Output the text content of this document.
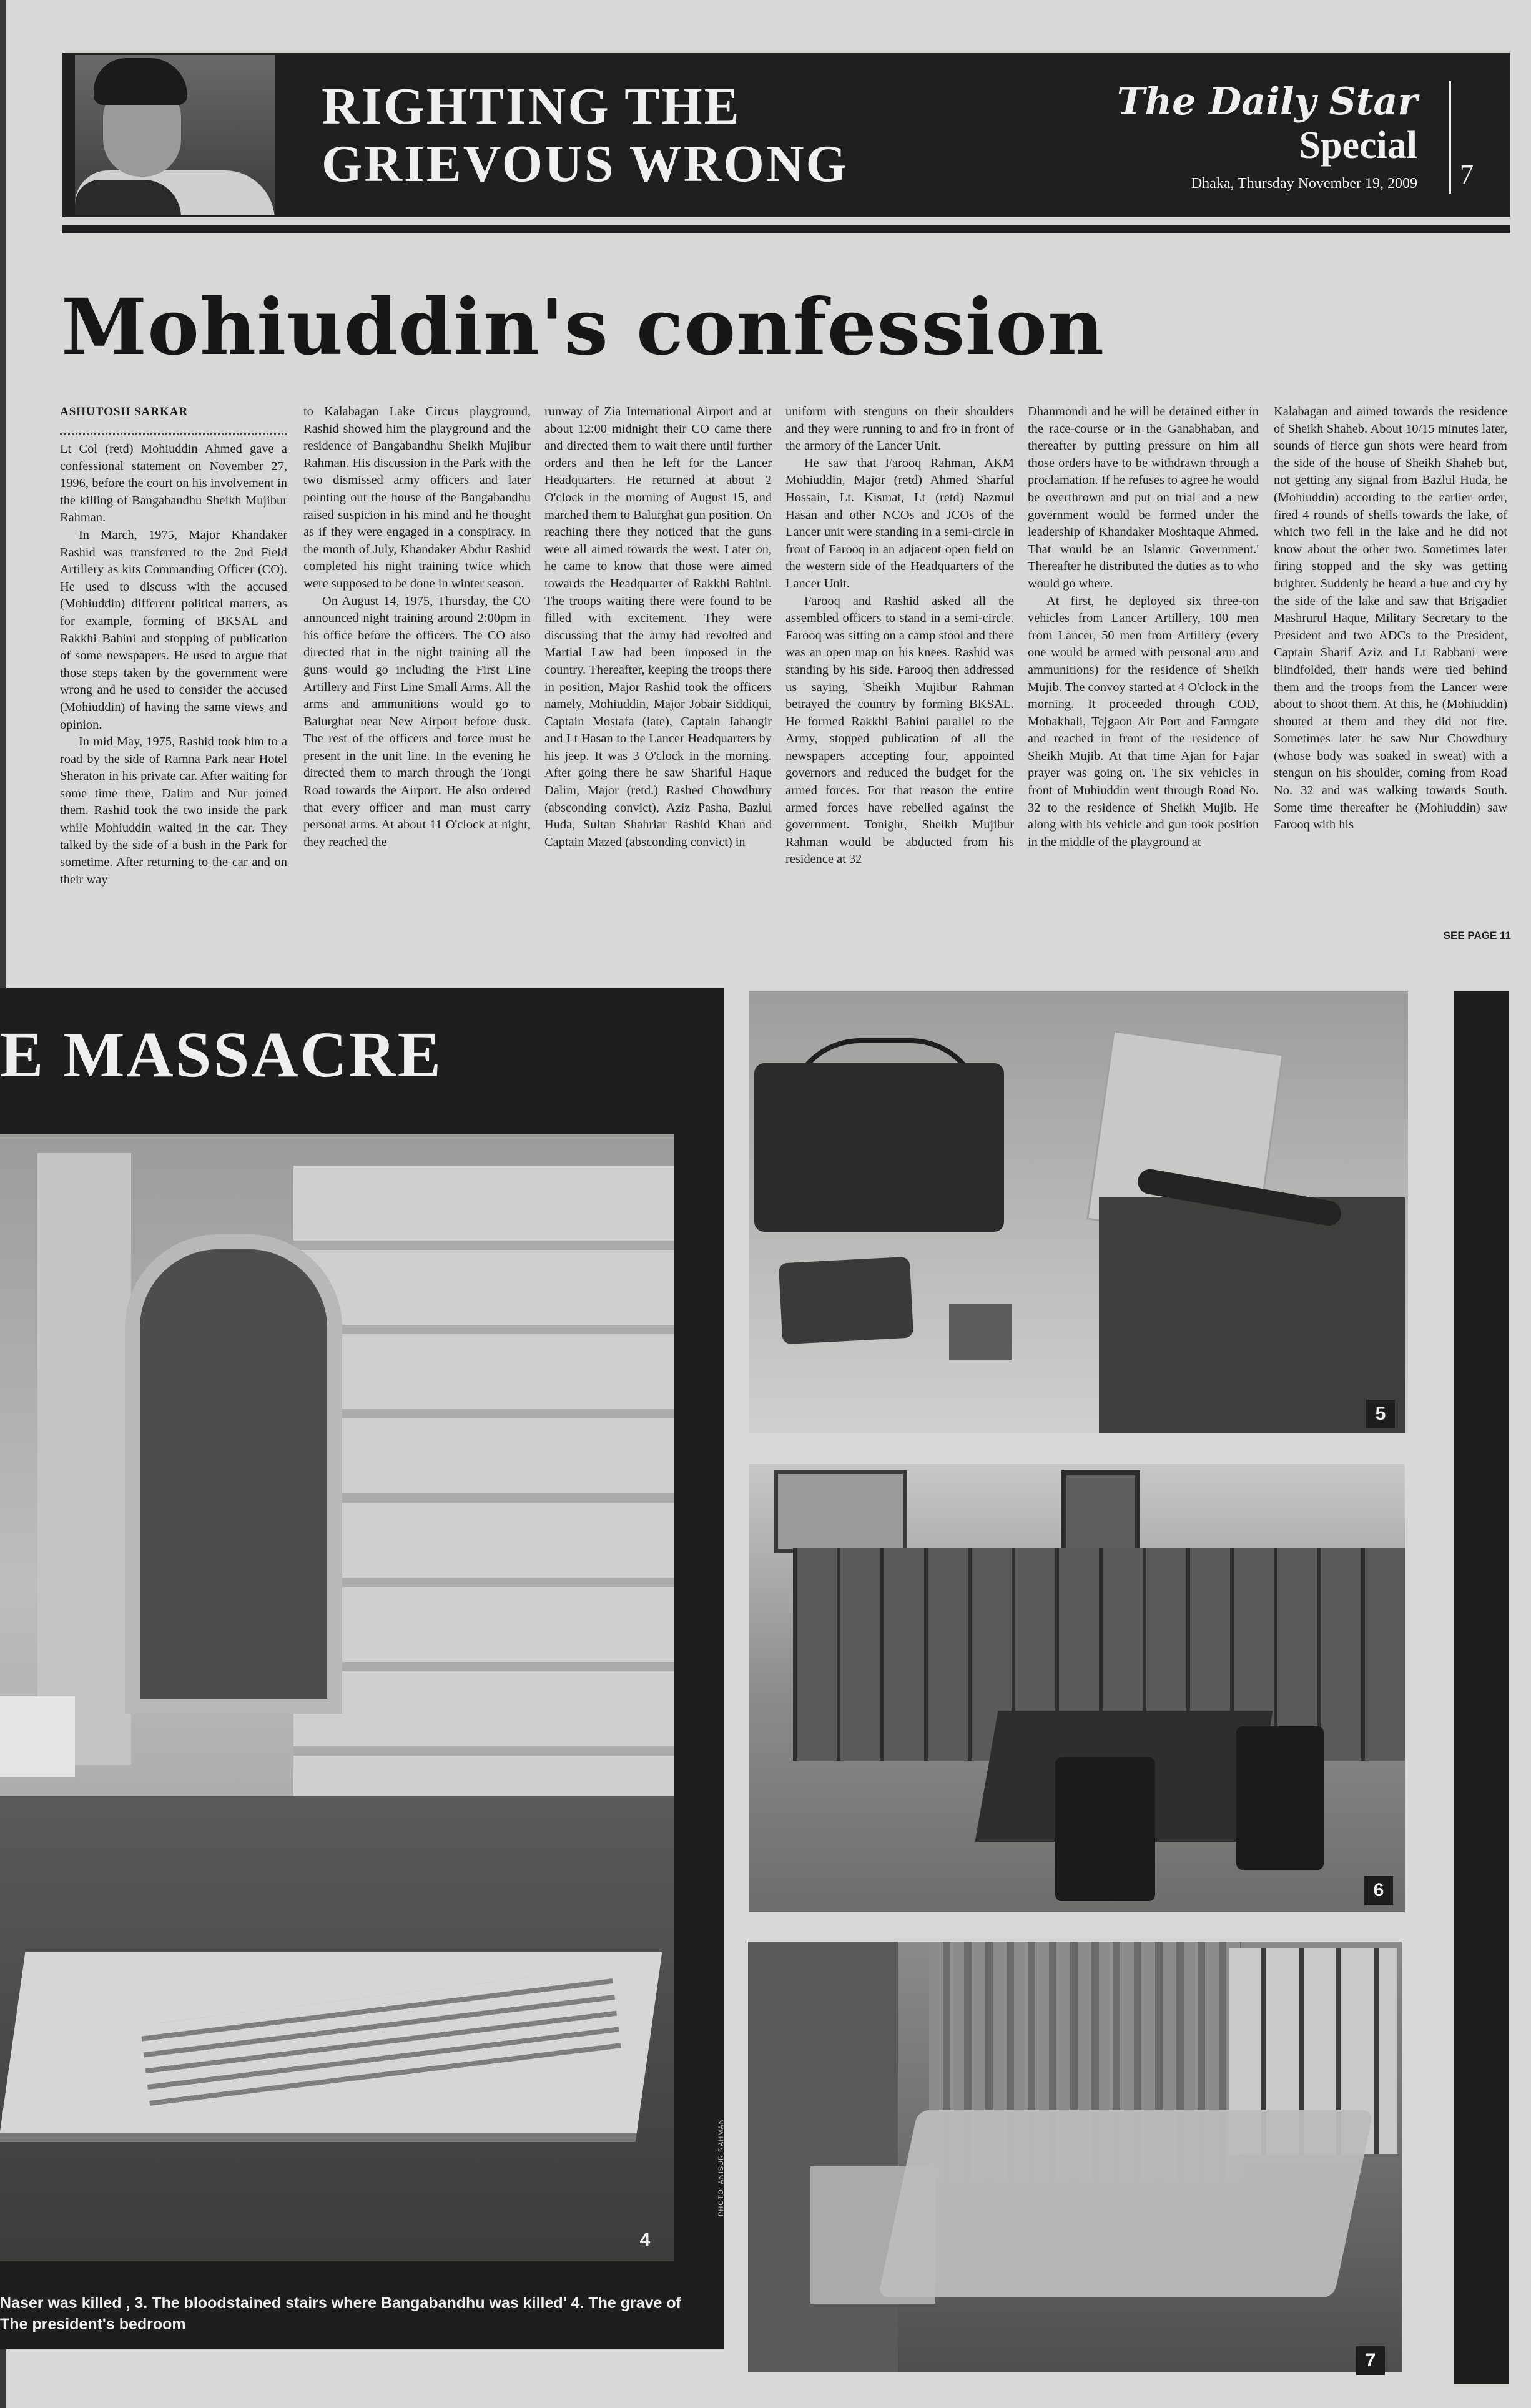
RIGHTING THE
GRIEVOUS WRONG
The Daily Star
Special
Dhaka, Thursday November 19, 2009 7
Mohiuddin's confession
ASHUTOSH SARKAR

Lt Col (retd) Mohiuddin Ahmed gave a confessional statement on November 27, 1996, before the court on his involvement in the killing of Bangabandhu Sheikh Mujibur Rahman.

In March, 1975, Major Khandaker Rashid was transferred to the 2nd Field Artillery as kits Commanding Officer (CO). He used to discuss with the accused (Mohiuddin) different political matters, as for example, forming of BKSAL and Rakkhi Bahini and stopping of publication of some newspapers. He used to argue that those steps taken by the government were wrong and he used to consider the accused (Mohiuddin) of having the same views and opinion.

In mid May, 1975, Rashid took him to a road by the side of Ramna Park near Hotel Sheraton in his private car. After waiting for some time there, Dalim and Nur joined them. Rashid took the two inside the park while Mohiuddin waited in the car. They talked by the side of a bush in the Park for sometime. After returning to the car and on their way

to Kalabagan Lake Circus playground, Rashid showed him the playground and the residence of Bangabandhu Sheikh Mujibur Rahman. His discussion in the Park with the two dismissed army officers and later pointing out the house of the Bangabandhu raised suspicion in his mind and he thought as if they were engaged in a conspiracy. In the month of July, Khandaker Abdur Rashid completed his night training twice which were supposed to be done in winter season.

On August 14, 1975, Thursday, the CO announced night training around 2:00pm in his office before the officers. The CO also directed that in the night training all the guns would go including the First Line Artillery and First Line Small Arms. All the arms and ammunitions would go to Balurghat near New Airport before dusk. The rest of the officers and force must be present in the unit line. In the evening he directed them to march through the Tongi Road towards the Airport. He also ordered that every officer and man must carry personal arms. At about 11 O'clock at night, they reached the

runway of Zia International Airport and at about 12:00 midnight their CO came there and directed them to wait there until further orders and then he left for the Lancer Headquarters. He returned at about 2 O'clock in the morning of August 15, and marched them to Balurghat gun position. On reaching there they noticed that the guns were all aimed towards the west. Later on, he came to know that those were aimed towards the Headquarter of Rakkhi Bahini. The troops waiting there were found to be filled with excitement. They were discussing that the army had revolted and Martial Law had been imposed in the country. Thereafter, keeping the troops there in position, Major Rashid took the officers namely, Mohiuddin, Major Jobair Siddiqui, Captain Mostafa (late), Captain Jahangir and Lt Hasan to the Lancer Headquarters by his jeep. It was 3 O'clock in the morning. After going there he saw Shariful Haque Dalim, Major (retd.) Rashed Chowdhury (absconding convict), Aziz Pasha, Bazlul Huda, Sultan Shahriar Rashid Khan and Captain Mazed (absconding convict) in

uniform with stenguns on their shoulders and they were running to and fro in front of the armory of the Lancer Unit.

He saw that Farooq Rahman, AKM Mohiuddin, Major (retd) Ahmed Sharful Hossain, Lt. Kismat, Lt (retd) Nazmul Hasan and other NCOs and JCOs of the Lancer unit were standing in a semi-circle in front of Farooq in an adjacent open field on the western side of the Headquarters of the Lancer Unit.

Farooq and Rashid asked all the assembled officers to stand in a semi-circle. Farooq was sitting on a camp stool and there was an open map on his knees. Rashid was standing by his side. Farooq then addressed us saying, 'Sheikh Mujibur Rahman betrayed the country by forming BKSAL. He formed Rakkhi Bahini parallel to the Army, stopped publication of all the newspapers accepting four, appointed governors and reduced the budget for the armed forces. For that reason the entire armed forces have rebelled against the government. Tonight, Sheikh Mujibur Rahman would be abducted from his residence at 32

Dhanmondi and he will be detained either in the race-course or in the Ganabhaban, and thereafter by putting pressure on him all those orders have to be withdrawn through a proclamation. If he refuses to agree he would be overthrown and put on trial and a new government would be formed under the leadership of Khandaker Moshtaque Ahmed. That would be an Islamic Government.' Thereafter he distributed the duties as to who would go where.

At first, he deployed six three-ton vehicles from Lancer Artillery, 100 men from Lancer, 50 men from Artillery (every one would be armed with personal arm and ammunitions) for the residence of Sheikh Mujib. The convoy started at 4 O'clock in the morning. It proceeded through COD, Mohakhali, Tejgaon Air Port and Farmgate and reached in front of the residence of Sheikh Mujib. At that time Ajan for Fajar prayer was going on. The six vehicles in front of Muhiuddin went through Road No. 32 to the residence of Sheikh Mujib. He along with his vehicle and gun took position in the middle of the playground at

Kalabagan and aimed towards the residence of Sheikh Shaheb. About 10/15 minutes later, sounds of fierce gun shots were heard from the side of the house of Sheikh Shaheb but, not getting any signal from Bazlul Huda, he (Mohiuddin) according to the earlier order, fired 4 rounds of shells towards the lake, of which two fell in the lake and he did not know about the other two. Sometimes later firing stopped and the sky was getting brighter. Suddenly he heard a hue and cry by the side of the lake and saw that Brigadier Mashrurul Haque, Military Secretary to the President and two ADCs to the President, Captain Sharif Aziz and Lt Rabbani were blindfolded, their hands were tied behind them and the troops from the Lancer were about to shoot them. At this, he (Mohiuddin) shouted at them and they did not fire. Sometimes later he saw Nur Chowdhury (whose body was soaked in sweat) with a stengun on his shoulder, coming from Road No. 32 and was walking towards South. Some time thereafter he (Mohiuddin) saw Farooq with his

SEE PAGE 11
E MASSACRE
4
Naser was killed , 3. The bloodstained stairs where Bangabandhu was killed' 4. The grave of
The president's bedroom
PHOTO: ANISUR RAHMAN
5
6
7
